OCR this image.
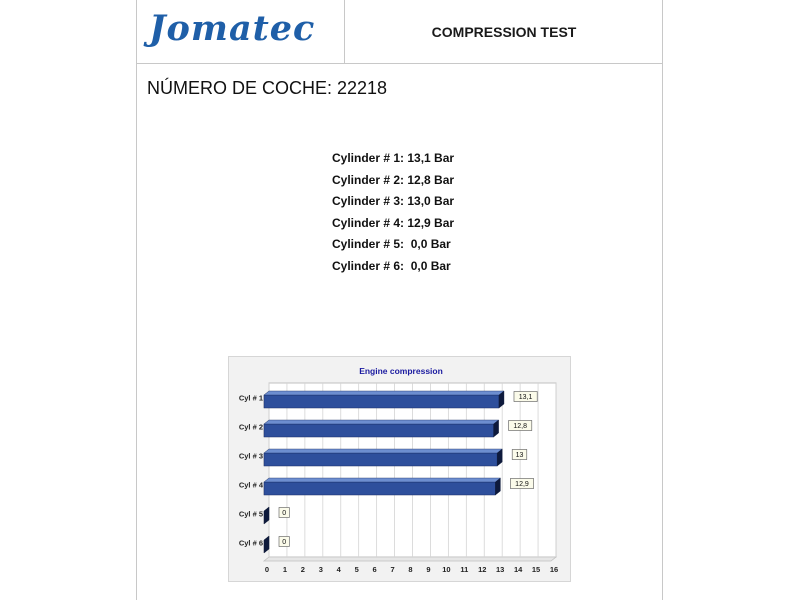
Jomatec	COMPRESSION TEST
NÚMERO DE COCHE: 22218
Cylinder # 1: 13,1 Bar
Cylinder # 2: 12,8 Bar
Cylinder # 3: 13,0 Bar
Cylinder # 4: 12,9 Bar
Cylinder # 5:  0,0 Bar
Cylinder # 6:  0,0 Bar
0 1 2 3 4 5 6 7 8 9 10 11 12 13 14 15 16
Engine compression
Cyl # 1	13,1
Cyl # 2	12,8
Cyl # 3	13
Cyl # 4	12,9
Cyl # 5	0
Cyl # 6	0
